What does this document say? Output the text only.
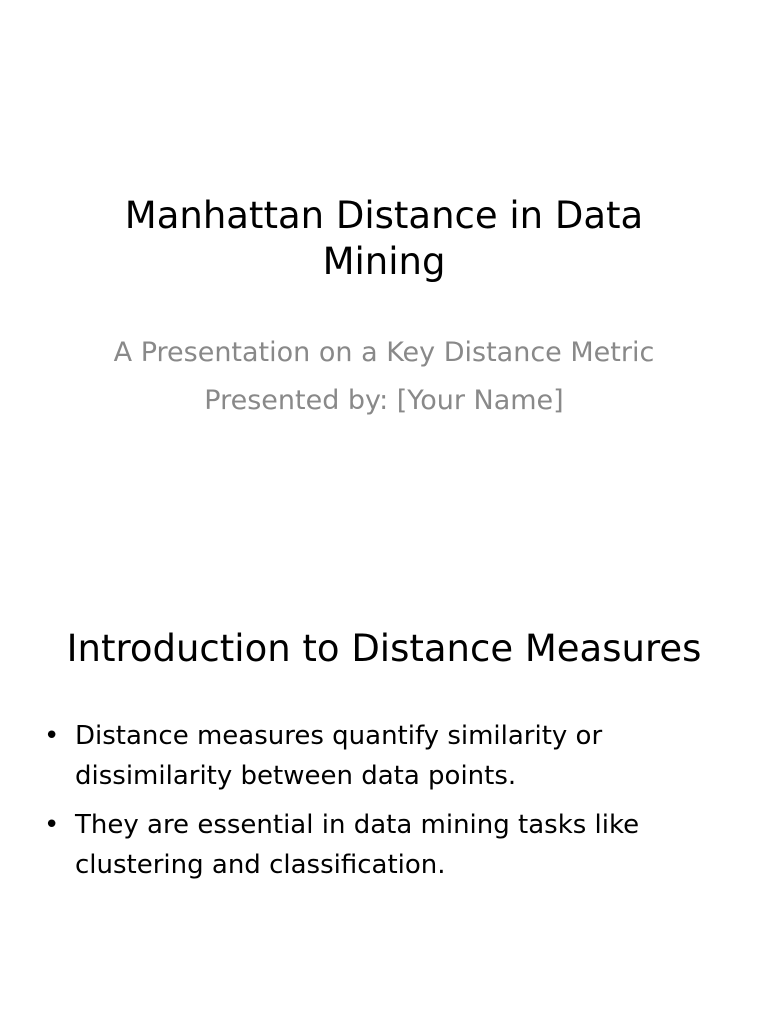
Manhattan Distance in Data Mining
A Presentation on a Key Distance Metric
Presented by: [Your Name]
Introduction to Distance Measures
• Distance measures quantify similarity or dissimilarity between data points.
• They are essential in data mining tasks like clustering and classification.
